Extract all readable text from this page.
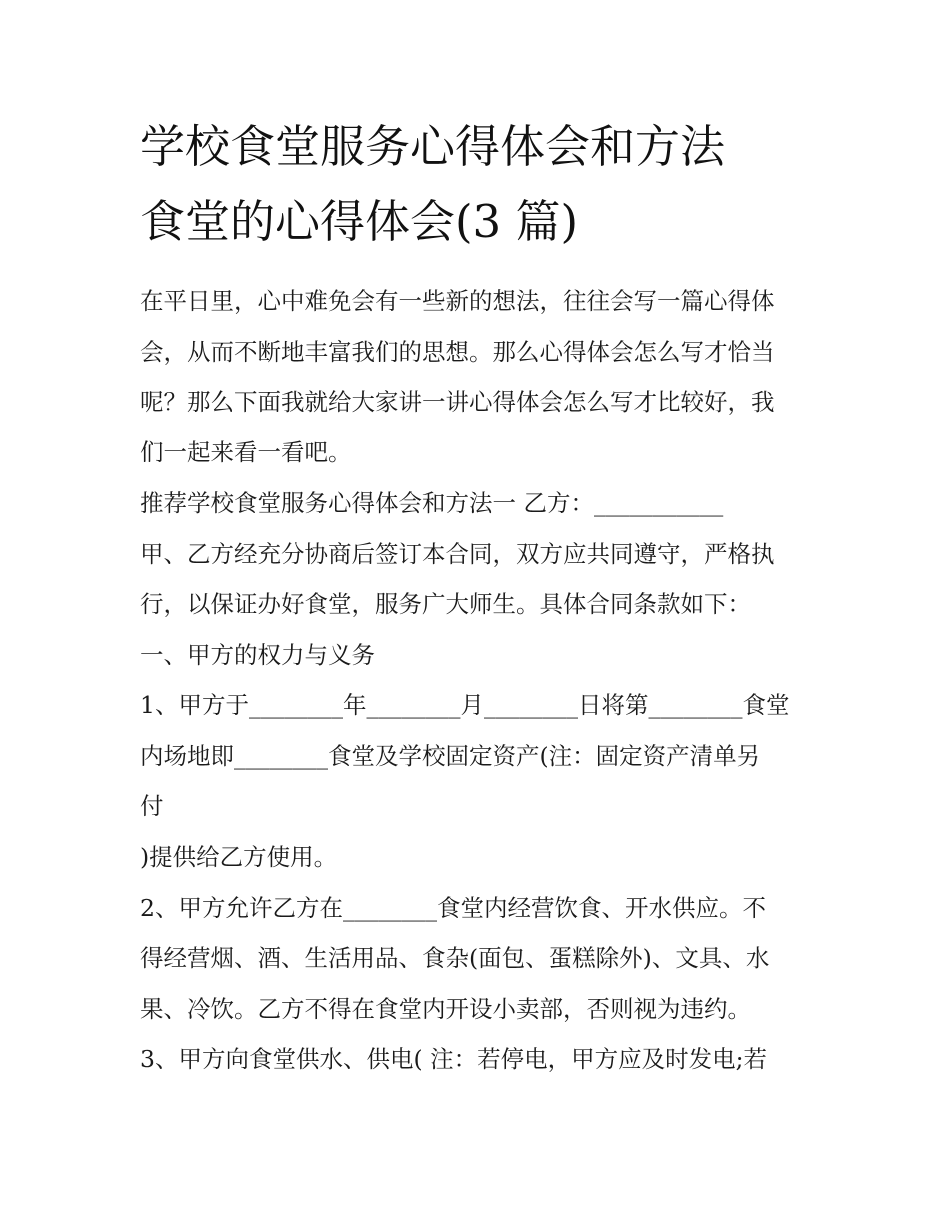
学校食堂服务心得体会和方法
食堂的心得体会(3 篇)

在平日里，心中难免会有一些新的想法，往往会写一篇心得体

会，从而不断地丰富我们的思想。那么心得体会怎么写才恰当

呢？那么下面我就给大家讲一讲心得体会怎么写才比较好，我

们一起来看一看吧。

推荐学校食堂服务心得体会和方法一 乙方：___________

甲、乙方经充分协商后签订本合同，双方应共同遵守，严格执

行，以保证办好食堂，服务广大师生。具体合同条款如下：

一、甲方的权力与义务

1、甲方于________年________月________日将第________食堂

内场地即________食堂及学校固定资产(注：固定资产清单另

付

)提供给乙方使用。

2、甲方允许乙方在________食堂内经营饮食、开水供应。不

得经营烟、酒、生活用品、食杂(面包、蛋糕除外)、文具、水

果、冷饮。乙方不得在食堂内开设小卖部，否则视为违约。

3、甲方向食堂供水、供电( 注：若停电，甲方应及时发电;若
